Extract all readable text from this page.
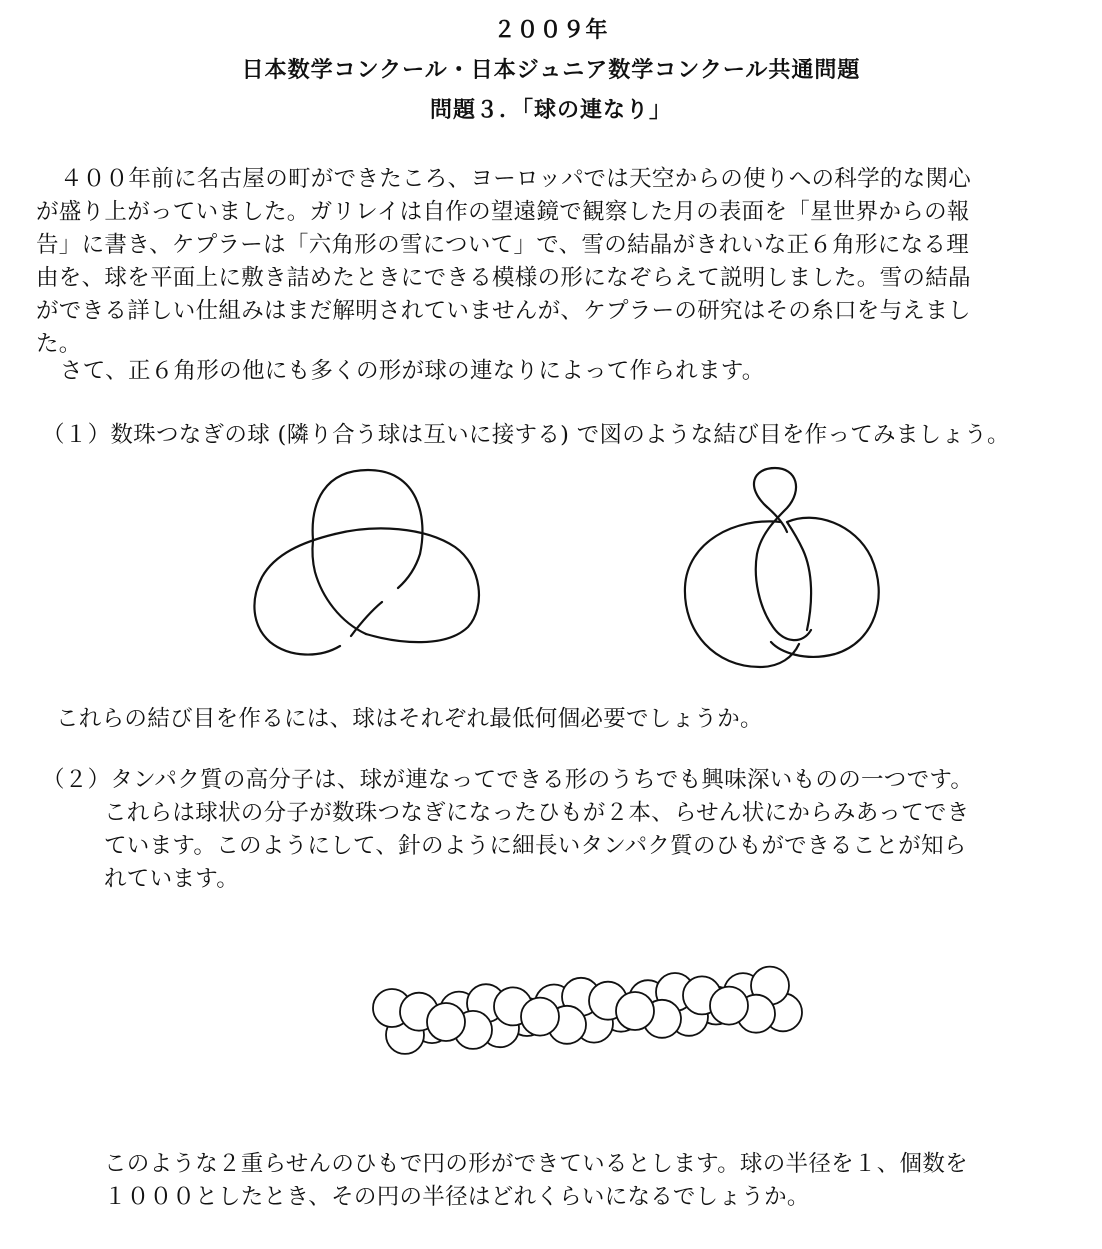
２００９年
日本数学コンクール・日本ジュニア数学コンクール共通問題
問題３．「球の連なり」
４００年前に名古屋の町ができたころ、ヨーロッパでは天空からの使りへの科学的な関心
が盛り上がっていました。ガリレイは自作の望遠鏡で観察した月の表面を「星世界からの報
告」に書き、ケプラーは「六角形の雪について」で、雪の結晶がきれいな正６角形になる理
由を、球を平面上に敷き詰めたときにできる模様の形になぞらえて説明しました。雪の結晶
ができる詳しい仕組みはまだ解明されていませんが、ケプラーの研究はその糸口を与えまし
た。
さて、正６角形の他にも多くの形が球の連なりによって作られます。
（１）数珠つなぎの球 (隣り合う球は互いに接する) で図のような結び目を作ってみましょう。
これらの結び目を作るには、球はそれぞれ最低何個必要でしょうか。
（２）タンパク質の高分子は、球が連なってできる形のうちでも興味深いものの一つです。
これらは球状の分子が数珠つなぎになったひもが２本、らせん状にからみあってでき
ています。このようにして、針のように細長いタンパク質のひもができることが知ら
れています。
このような２重らせんのひもで円の形ができているとします。球の半径を１、個数を
１０００としたとき、その円の半径はどれくらいになるでしょうか。
